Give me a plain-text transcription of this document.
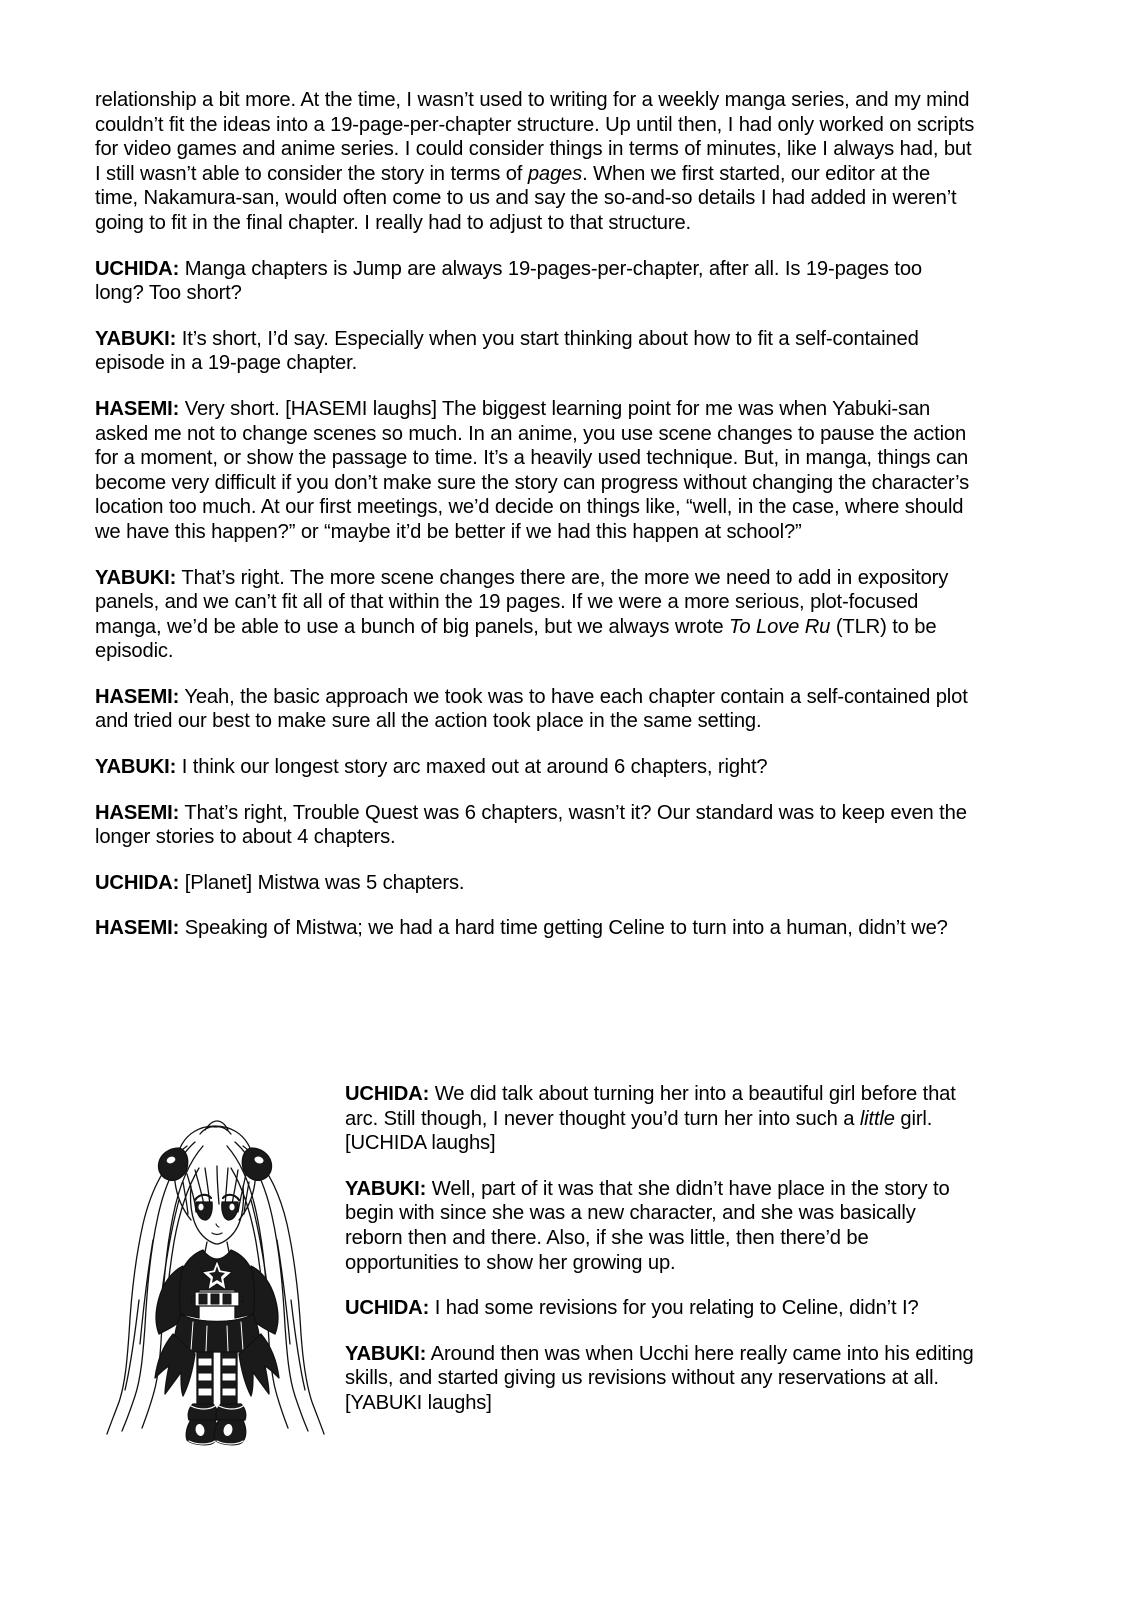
relationship a bit more. At the time, I wasn’t used to writing for a weekly manga series, and my mind couldn’t fit the ideas into a 19-page-per-chapter structure. Up until then, I had only worked on scripts for video games and anime series. I could consider things in terms of minutes, like I always had, but I still wasn’t able to consider the story in terms of pages. When we first started, our editor at the time, Nakamura-san, would often come to us and say the so-and-so details I had added in weren’t going to fit in the final chapter. I really had to adjust to that structure.

UCHIDA: Manga chapters is Jump are always 19-pages-per-chapter, after all. Is 19-pages too long? Too short?

YABUKI: It’s short, I’d say. Especially when you start thinking about how to fit a self-contained episode in a 19-page chapter.

HASEMI: Very short. [HASEMI laughs] The biggest learning point for me was when Yabuki-san asked me not to change scenes so much. In an anime, you use scene changes to pause the action for a moment, or show the passage to time. It’s a heavily used technique. But, in manga, things can become very difficult if you don’t make sure the story can progress without changing the character’s location too much. At our first meetings, we’d decide on things like, “well, in the case, where should we have this happen?” or “maybe it’d be better if we had this happen at school?”

YABUKI: That’s right. The more scene changes there are, the more we need to add in expository panels, and we can’t fit all of that within the 19 pages. If we were a more serious, plot-focused manga, we’d be able to use a bunch of big panels, but we always wrote To Love Ru (TLR) to be episodic.

HASEMI: Yeah, the basic approach we took was to have each chapter contain a self-contained plot and tried our best to make sure all the action took place in the same setting.

YABUKI: I think our longest story arc maxed out at around 6 chapters, right?

HASEMI: That’s right, Trouble Quest was 6 chapters, wasn’t it? Our standard was to keep even the longer stories to about 4 chapters.

UCHIDA: [Planet] Mistwa was 5 chapters.

HASEMI: Speaking of Mistwa; we had a hard time getting Celine to turn into a human, didn’t we?

UCHIDA: We did talk about turning her into a beautiful girl before that arc. Still though, I never thought you’d turn her into such a little girl. [UCHIDA laughs]

YABUKI: Well, part of it was that she didn’t have place in the story to begin with since she was a new character, and she was basically reborn then and there. Also, if she was little, then there’d be opportunities to show her growing up.

UCHIDA: I had some revisions for you relating to Celine, didn’t I?

YABUKI: Around then was when Ucchi here really came into his editing skills, and started giving us revisions without any reservations at all. [YABUKI laughs]
